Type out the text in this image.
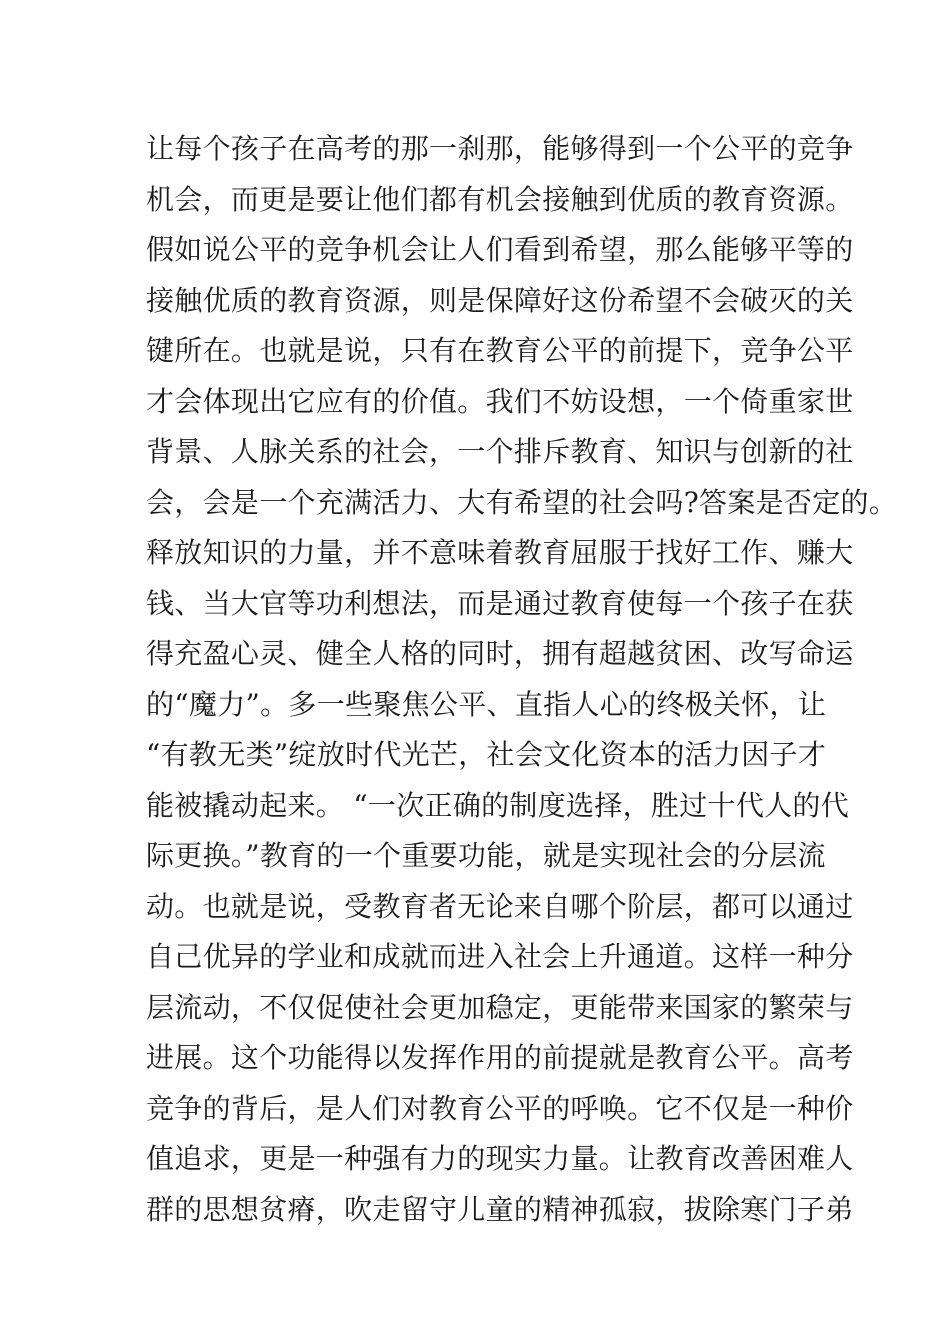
让每个孩子在高考的那一刹那，能够得到一个公平的竞争
机会，而更是要让他们都有机会接触到优质的教育资源。
假如说公平的竞争机会让人们看到希望，那么能够平等的
接触优质的教育资源，则是保障好这份希望不会破灭的关
键所在。也就是说，只有在教育公平的前提下，竞争公平
才会体现出它应有的价值。我们不妨设想，一个倚重家世
背景、人脉关系的社会，一个排斥教育、知识与创新的社
会，会是一个充满活力、大有希望的社会吗?答案是否定的。
释放知识的力量，并不意味着教育屈服于找好工作、赚大
钱、当大官等功利想法，而是通过教育使每一个孩子在获
得充盈心灵、健全人格的同时，拥有超越贫困、改写命运
的“魔力”。多一些聚焦公平、直指人心的终极关怀，让
“有教无类”绽放时代光芒，社会文化资本的活力因子才
能被撬动起来。 “一次正确的制度选择，胜过十代人的代
际更换。”教育的一个重要功能，就是实现社会的分层流
动。也就是说，受教育者无论来自哪个阶层，都可以通过
自己优异的学业和成就而进入社会上升通道。这样一种分
层流动，不仅促使社会更加稳定，更能带来国家的繁荣与
进展。这个功能得以发挥作用的前提就是教育公平。高考
竞争的背后，是人们对教育公平的呼唤。它不仅是一种价
值追求，更是一种强有力的现实力量。让教育改善困难人
群的思想贫瘠，吹走留守儿童的精神孤寂，拔除寒门子弟
